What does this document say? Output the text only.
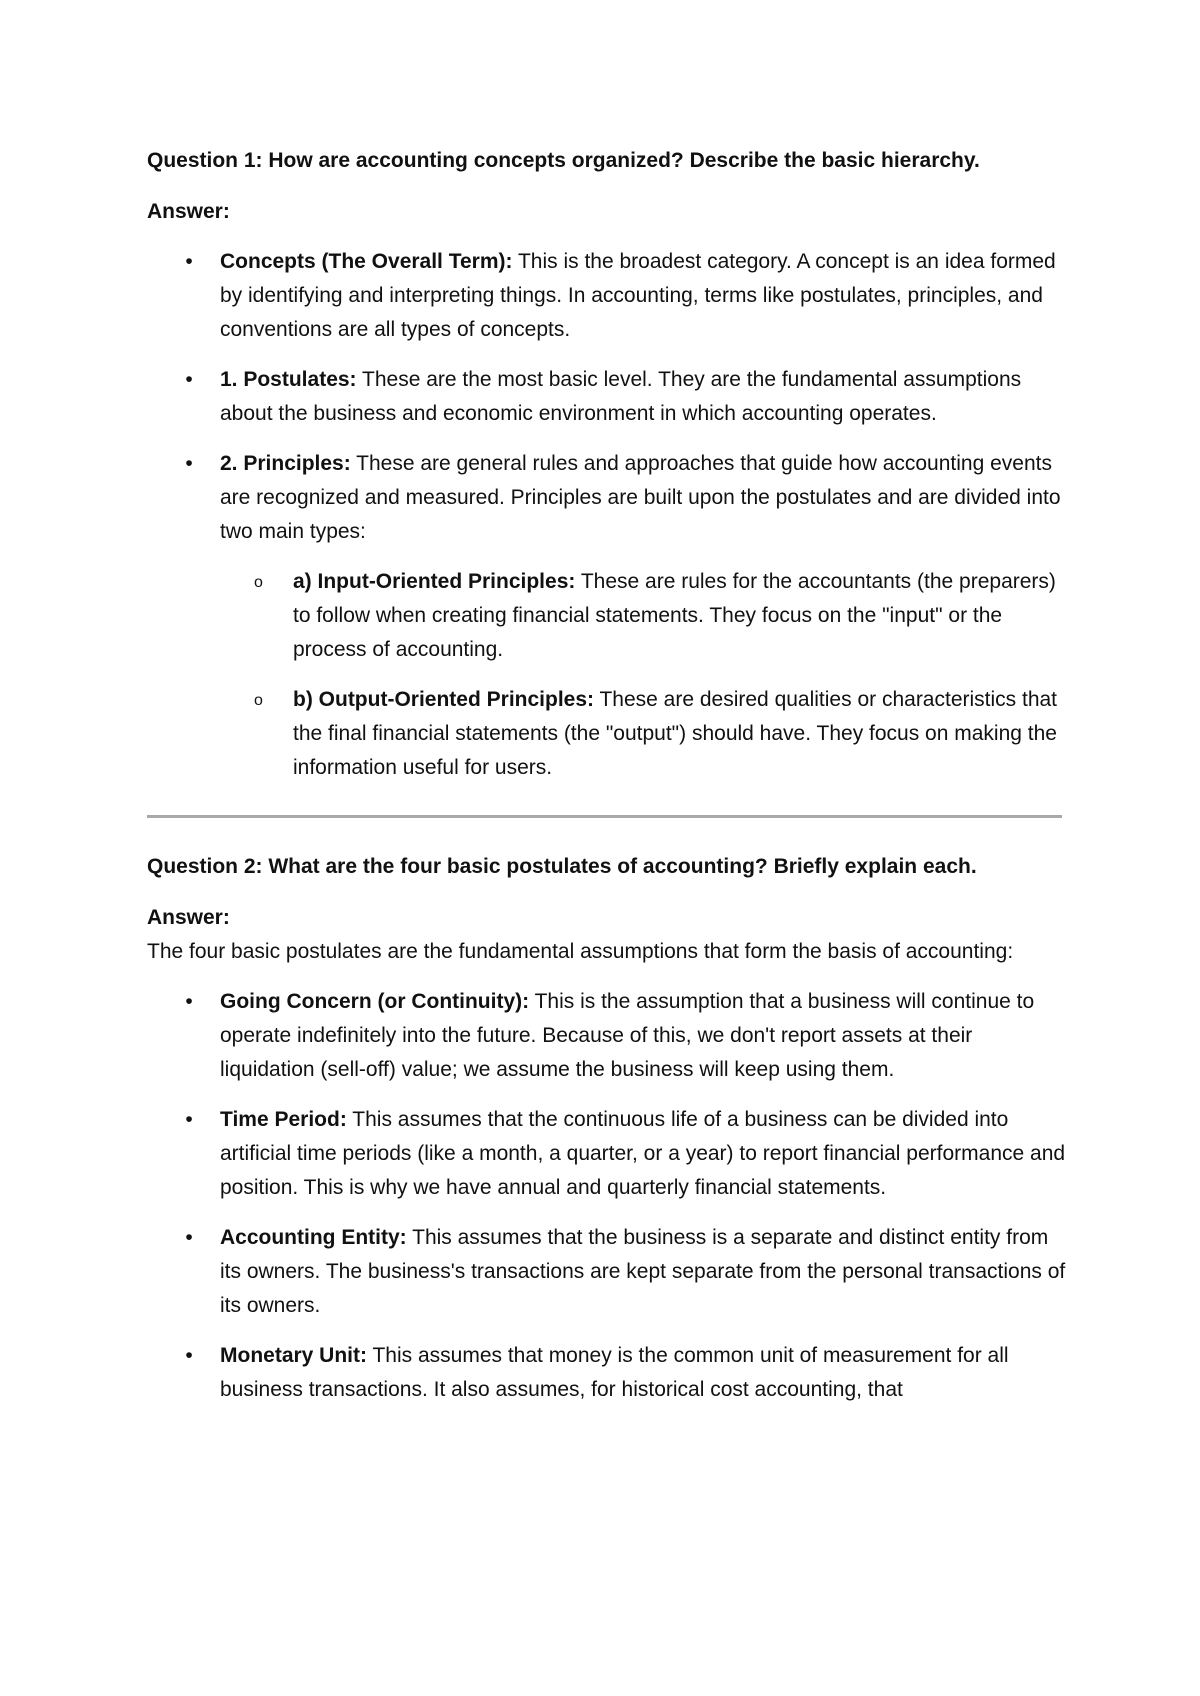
Question 1: How are accounting concepts organized? Describe the basic hierarchy.

Answer:

• Concepts (The Overall Term): This is the broadest category. A concept is an idea formed by identifying and interpreting things. In accounting, terms like postulates, principles, and conventions are all types of concepts.
• 1. Postulates: These are the most basic level. They are the fundamental assumptions about the business and economic environment in which accounting operates.
• 2. Principles: These are general rules and approaches that guide how accounting events are recognized and measured. Principles are built upon the postulates and are divided into two main types:
o a) Input-Oriented Principles: These are rules for the accountants (the preparers) to follow when creating financial statements. They focus on the "input" or the process of accounting.
o b) Output-Oriented Principles: These are desired qualities or characteristics that the final financial statements (the "output") should have. They focus on making the information useful for users.

Question 2: What are the four basic postulates of accounting? Briefly explain each.

Answer:

The four basic postulates are the fundamental assumptions that form the basis of accounting:

• Going Concern (or Continuity): This is the assumption that a business will continue to operate indefinitely into the future. Because of this, we don't report assets at their liquidation (sell-off) value; we assume the business will keep using them.
• Time Period: This assumes that the continuous life of a business can be divided into artificial time periods (like a month, a quarter, or a year) to report financial performance and position. This is why we have annual and quarterly financial statements.
• Accounting Entity: This assumes that the business is a separate and distinct entity from its owners. The business's transactions are kept separate from the personal transactions of its owners.
• Monetary Unit: This assumes that money is the common unit of measurement for all business transactions. It also assumes, for historical cost accounting, that
